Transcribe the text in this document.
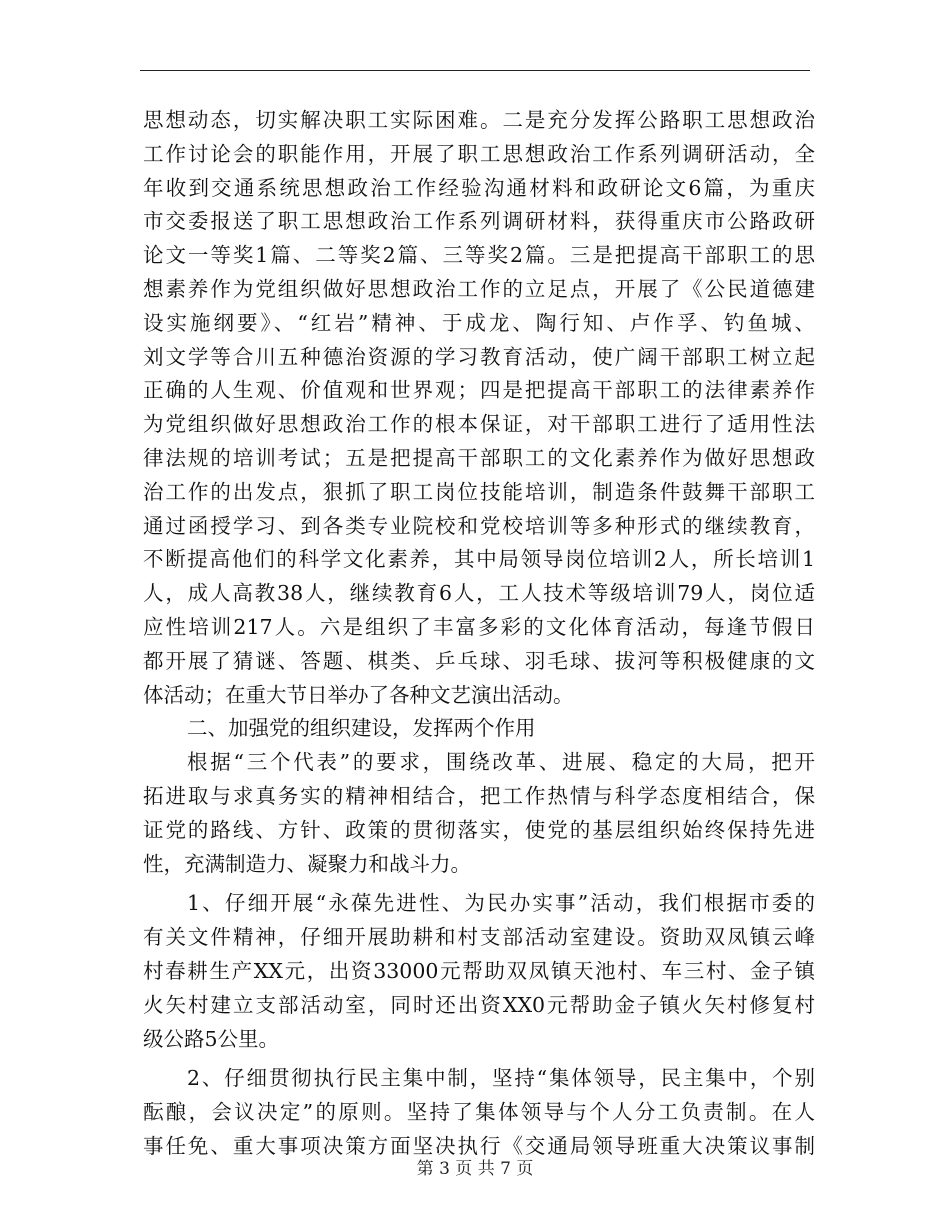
思想动态，切实解决职工实际困难。二是充分发挥公路职工思想政治
工作讨论会的职能作用，开展了职工思想政治工作系列调研活动，全
年收到交通系统思想政治工作经验沟通材料和政研论文6篇，为重庆
市交委报送了职工思想政治工作系列调研材料，获得重庆市公路政研
论文一等奖1篇、二等奖2篇、三等奖2篇。三是把提高干部职工的思
想素养作为党组织做好思想政治工作的立足点，开展了《公民道德建
设实施纲要》、“红岩”精神、于成龙、陶行知、卢作孚、钓鱼城、
刘文学等合川五种德治资源的学习教育活动，使广阔干部职工树立起
正确的人生观、价值观和世界观；四是把提高干部职工的法律素养作
为党组织做好思想政治工作的根本保证，对干部职工进行了适用性法
律法规的培训考试；五是把提高干部职工的文化素养作为做好思想政
治工作的出发点，狠抓了职工岗位技能培训，制造条件鼓舞干部职工
通过函授学习、到各类专业院校和党校培训等多种形式的继续教育，
不断提高他们的科学文化素养，其中局领导岗位培训2人，所长培训1
人，成人高教38人，继续教育6人，工人技术等级培训79人，岗位适
应性培训217人。六是组织了丰富多彩的文化体育活动，每逢节假日
都开展了猜谜、答题、棋类、乒乓球、羽毛球、拔河等积极健康的文
体活动；在重大节日举办了各种文艺演出活动。
二、加强党的组织建设，发挥两个作用
根据“三个代表”的要求，围绕改革、进展、稳定的大局，把开
拓进取与求真务实的精神相结合，把工作热情与科学态度相结合，保
证党的路线、方针、政策的贯彻落实，使党的基层组织始终保持先进
性，充满制造力、凝聚力和战斗力。
1、仔细开展“永葆先进性、为民办实事”活动，我们根据市委的
有关文件精神，仔细开展助耕和村支部活动室建设。资助双凤镇云峰
村春耕生产XX元，出资33000元帮助双凤镇天池村、车三村、金子镇
火矢村建立支部活动室，同时还出资XX0元帮助金子镇火矢村修复村
级公路5公里。
2、仔细贯彻执行民主集中制，坚持“集体领导，民主集中，个别
酝酿，会议决定”的原则。坚持了集体领导与个人分工负责制。在人
事任免、重大事项决策方面坚决执行《交通局领导班重大决策议事制
第 3 页 共 7 页
